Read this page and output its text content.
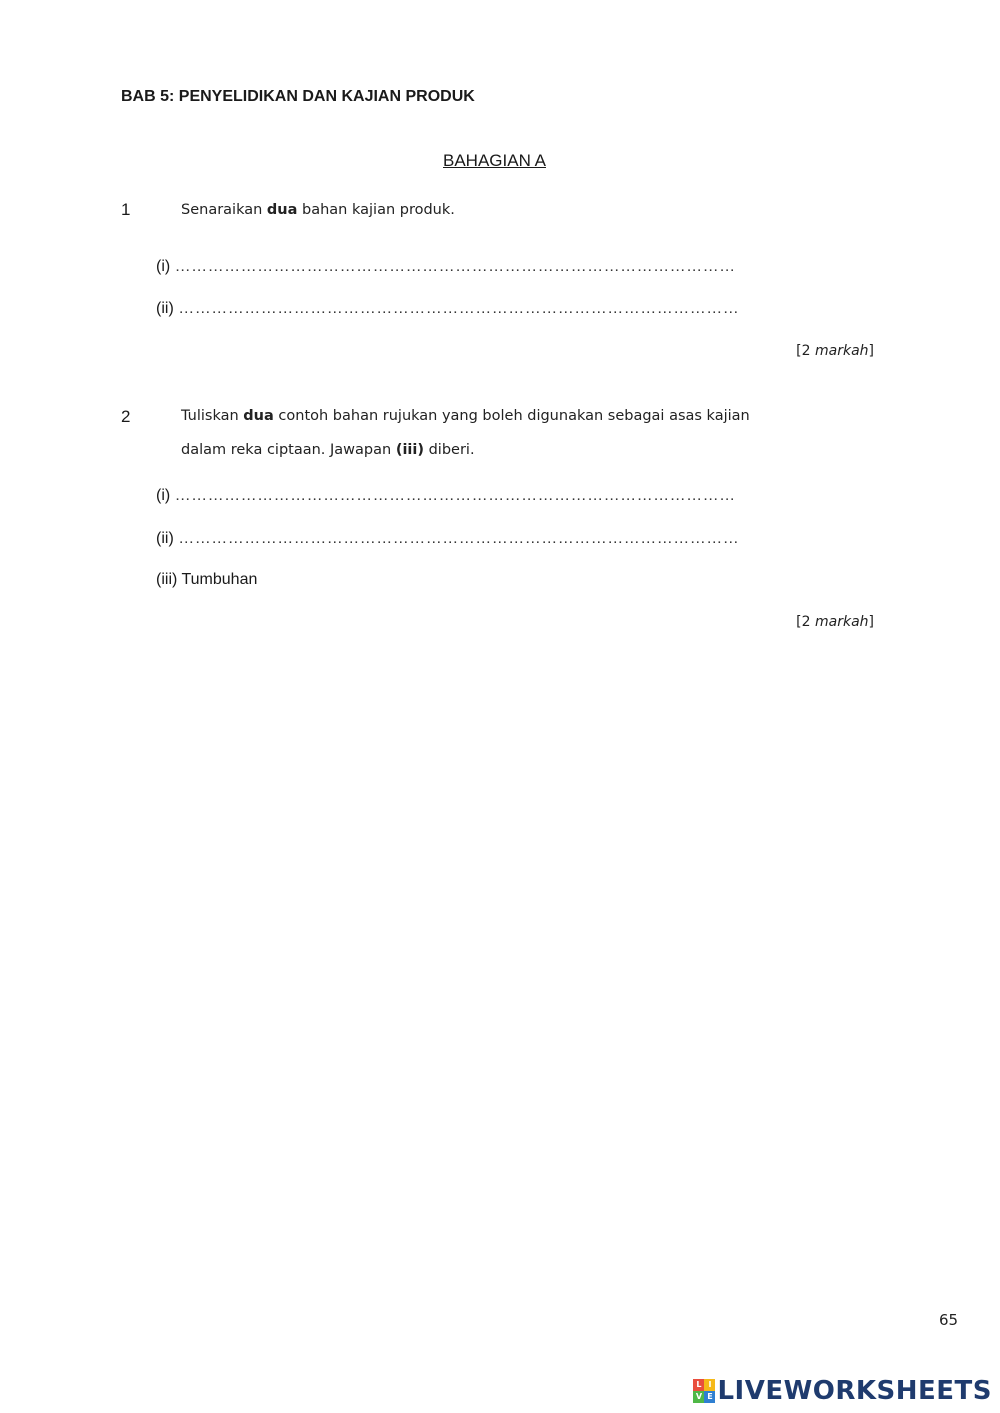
BAB 5: PENYELIDIKAN DAN KAJIAN PRODUK
BAHAGIAN A
1	Senaraikan dua bahan kajian produk.
(i) …………………………………………………………………………………………
(ii) …………………………………………………………………………………………
[2 markah]
2	Tuliskan dua contoh bahan rujukan yang boleh digunakan sebagai asas kajian
dalam reka ciptaan. Jawapan (iii) diberi.
(i) …………………………………………………………………………………………
(ii) …………………………………………………………………………………………
(iii) Tumbuhan
[2 markah]
65
L I
V E LIVEWORKSHEETS
